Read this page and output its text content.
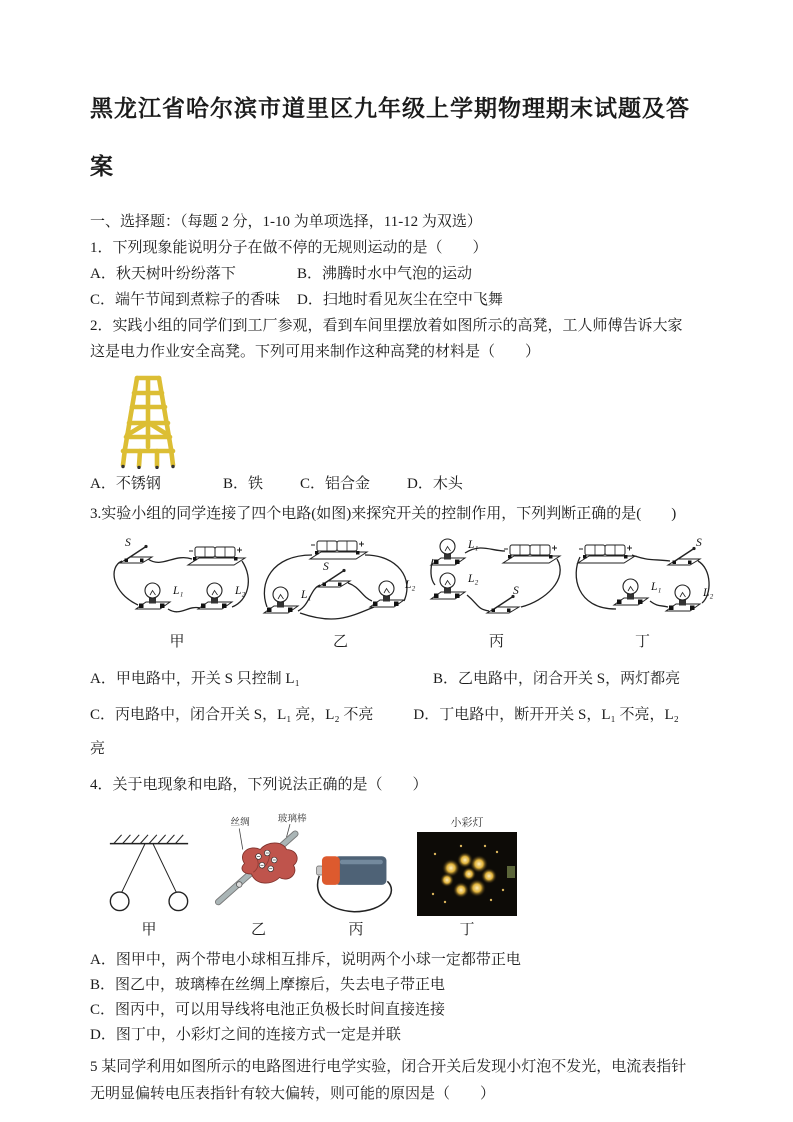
黑龙江省哈尔滨市道里区九年级上学期物理期末试题及答案

一、选择题：（每题 2 分，1-10 为单项选择，11-12 为双选）

1．下列现象能说明分子在做不停的无规则运动的是（　　）

A．秋天树叶纷纷落下	B．沸腾时水中气泡的运动
C．端午节闻到煮粽子的香味	D．扫地时看见灰尘在空中飞舞

2．实践小组的同学们到工厂参观，看到车间里摆放着如图所示的高凳，工人师傅告诉大家这是电力作业安全高凳。下列可用来制作这种高凳的材料是（　　）

A．不锈钢	B．铁 C．铝合金 D．木头

3.实验小组的同学连接了四个电路(如图)来探究开关的控制作用，下列判断正确的是(　　)

S
L₁	L₂
S
L₁
L₂
L₁
L₂
S
S
L₁	L₂
甲	乙	丙	丁
A．甲电路中，开关 S 只控制 L₁	B．乙电路中，闭合开关 S，两灯都亮

C．丙电路中，闭合开关 S，L₁ 亮，L₂ 不亮	D．丁电路中，断开开关 S，L₁ 不亮，L₂ 亮

4．关于电现象和电路，下列说法正确的是（　　）

丝绸	玻璃棒	小彩灯
甲	乙	丙	丁

A．图甲中，两个带电小球相互排斥，说明两个小球一定都带正电

B．图乙中，玻璃棒在丝绸上摩擦后，失去电子带正电

C．图丙中，可以用导线将电池正负极长时间直接连接

D．图丁中，小彩灯之间的连接方式一定是并联

5 某同学利用如图所示的电路图进行电学实验，闭合开关后发现小灯泡不发光，电流表指针无明显偏转电压表指针有较大偏转，则可能的原因是（　　）
